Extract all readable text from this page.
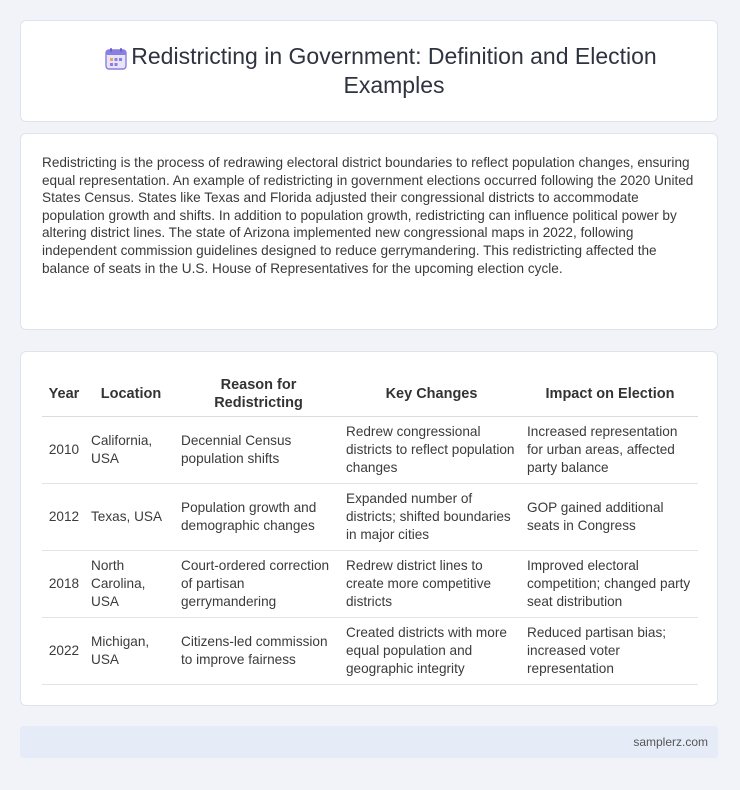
Redistricting in Government: Definition and Election Examples

Redistricting is the process of redrawing electoral district boundaries to reflect population changes, ensuring equal representation. An example of redistricting in government elections occurred following the 2020 United States Census. States like Texas and Florida adjusted their congressional districts to accommodate population growth and shifts. In addition to population growth, redistricting can influence political power by altering district lines. The state of Arizona implemented new congressional maps in 2022, following independent commission guidelines designed to reduce gerrymandering. This redistricting affected the balance of seats in the U.S. House of Representatives for the upcoming election cycle.

Year	Location	Reason for Redistricting	Key Changes	Impact on Election
2010	California, USA	Decennial Census population shifts	Redrew congressional districts to reflect population changes	Increased representation for urban areas, affected party balance
2012	Texas, USA	Population growth and demographic changes	Expanded number of districts; shifted boundaries in major cities	GOP gained additional seats in Congress
2018	North Carolina, USA	Court-ordered correction of partisan gerrymandering	Redrew district lines to create more competitive districts	Improved electoral competition; changed party seat distribution
2022	Michigan, USA	Citizens-led commission to improve fairness	Created districts with more equal population and geographic integrity	Reduced partisan bias; increased voter representation
samplerz.com
